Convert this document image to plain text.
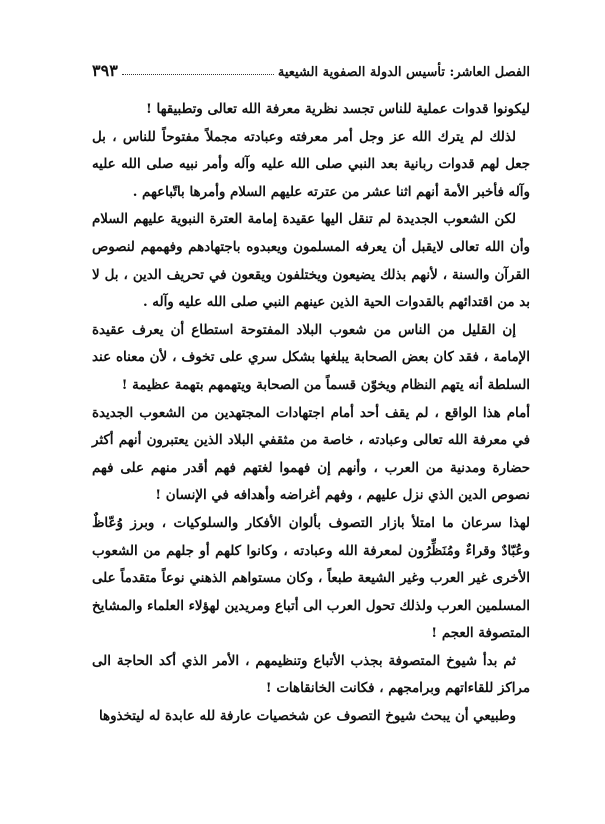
الفصل العاشر: تأسيس الدولة الصفوية الشيعية
٣٩٣

ليكونوا قدوات عملية للناس تجسد نظرية معرفة الله تعالى وتطبيقها !

لذلك لم يترك الله عز وجل أمر معرفته وعبادته مجملاً مفتوحاً للناس ، بل جعل لهم قدوات ربانية بعد النبي صلى الله عليه وآله وأمر نبيه صلى الله عليه وآله فأخبر الأمة أنهم اثنا عشر من عترته عليهم السلام وأمرها باتّباعهم .

لكن الشعوب الجديدة لم تنقل اليها عقيدة إمامة العترة النبوية عليهم السلام وأن الله تعالى لايقبل أن يعرفه المسلمون ويعبدوه باجتهادهم وفهمهم لنصوص القرآن والسنة ، لأنهم بذلك يضيعون ويختلفون ويقعون في تحريف الدين ، بل لا بد من اقتدائهم بالقدوات الحية الذين عينهم النبي صلى الله عليه وآله .

إن القليل من الناس من شعوب البلاد المفتوحة استطاع أن يعرف عقيدة الإمامة ، فقد كان بعض الصحابة يبلغها بشكل سري على تخوف ، لأن معناه عند السلطة أنه يتهم النظام ويخوّن قسماً من الصحابة ويتهمهم بتهمة عظيمة !

أمام هذا الواقع ، لم يقف أحد أمام اجتهادات المجتهدين من الشعوب الجديدة في معرفة الله تعالى وعبادته ، خاصة من مثقفي البلاد الذين يعتبرون أنهم أكثر حضارة ومدنية من العرب ، وأنهم إن فهموا لغتهم فهم أقدر منهم على فهم نصوص الدين الذي نزل عليهم ، وفهم أغراضه وأهدافه في الإنسان !

لهذا سرعان ما امتلأ بازار التصوف بألوان الأفكار والسلوكيات ، وبرز وُعّاظٌ وعُبّادٌ وقراءٌ ومُنَظِّرُون لمعرفة الله وعبادته ، وكانوا كلهم أو جلهم من الشعوب الأخرى غير العرب وغير الشيعة طبعاً ، وكان مستواهم الذهني نوعاً متقدماً على المسلمين العرب ولذلك تحول العرب الى أتباع ومريدين لهؤلاء العلماء والمشايخ المتصوفة العجم !

ثم بدأ شيوخ المتصوفة بجذب الأتباع وتنظيمهم ، الأمر الذي أكد الحاجة الى مراكز للقاءاتهم وبرامجهم ، فكانت الخانقاهات !

وطبيعي أن يبحث شيوخ التصوف عن شخصيات عارفة لله عابدة له ليتخذوها
